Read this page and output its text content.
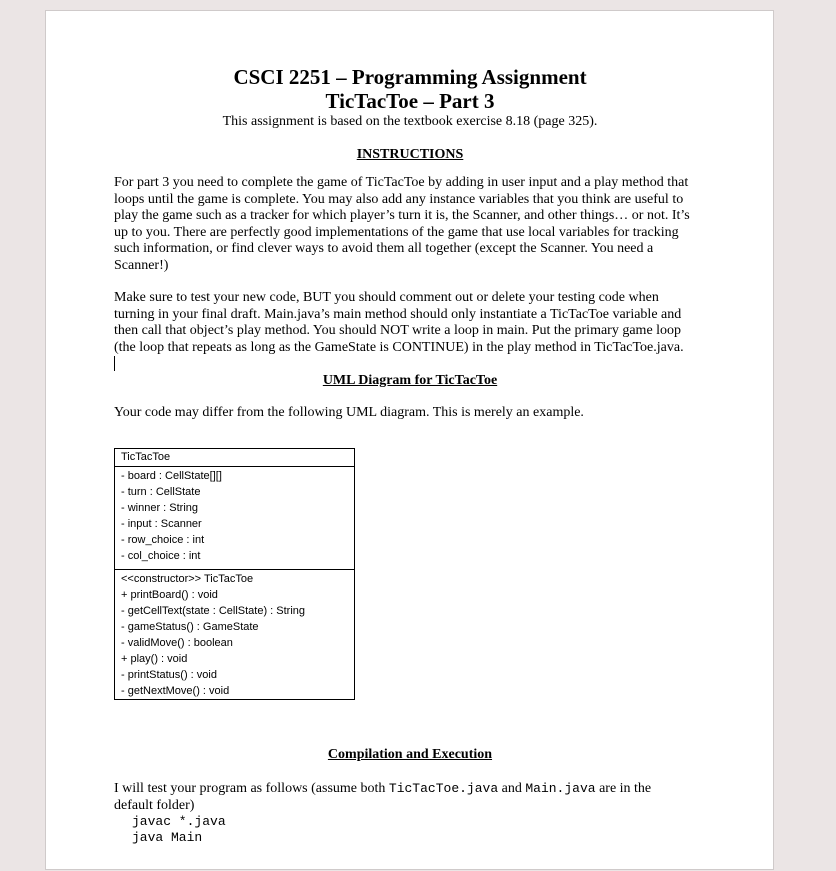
CSCI 2251 – Programming Assignment
TicTacToe – Part 3
This assignment is based on the textbook exercise 8.18 (page 325).
INSTRUCTIONS
For part 3 you need to complete the game of TicTacToe by adding in user input and a play method that
loops until the game is complete. You may also add any instance variables that you think are useful to
play the game such as a tracker for which player’s turn it is, the Scanner, and other things… or not. It’s
up to you. There are perfectly good implementations of the game that use local variables for tracking
such information, or find clever ways to avoid them all together (except the Scanner. You need a
Scanner!)
Make sure to test your new code, BUT you should comment out or delete your testing code when
turning in your final draft. Main.java’s main method should only instantiate a TicTacToe variable and
then call that object’s play method. You should NOT write a loop in main. Put the primary game loop
(the loop that repeats as long as the GameState is CONTINUE) in the play method in TicTacToe.java.
UML Diagram for TicTacToe
Your code may differ from the following UML diagram. This is merely an example.
TicTacToe
- board : CellState[][]
- turn : CellState
- winner : String
- input : Scanner
- row_choice : int
- col_choice : int
<<constructor>> TicTacToe
+ printBoard() : void
- getCellText(state : CellState) : String
- gameStatus() : GameState
- validMove() : boolean
+ play() : void
- printStatus() : void
- getNextMove() : void
Compilation and Execution
I will test your program as follows (assume both TicTacToe.java and Main.java are in the
default folder)
javac *.java
java Main
